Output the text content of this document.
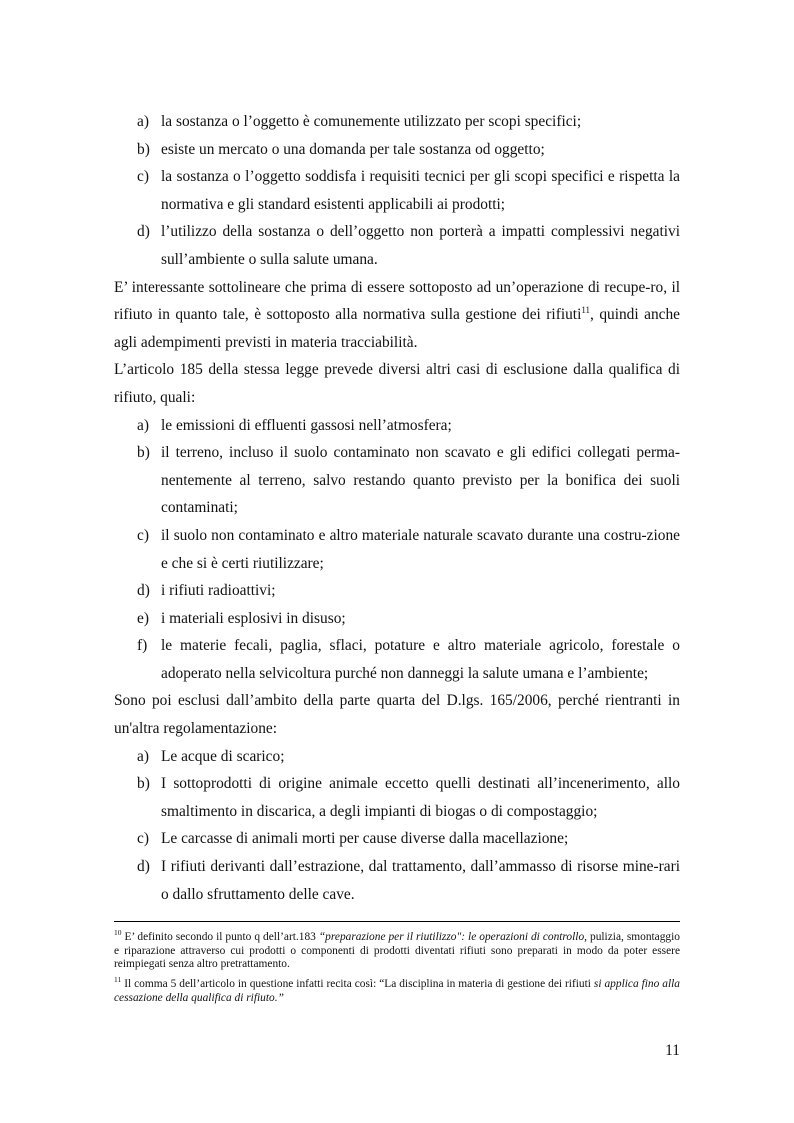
a) la sostanza o l’oggetto è comunemente utilizzato per scopi specifici;
b) esiste un mercato o una domanda per tale sostanza od oggetto;
c) la sostanza o l’oggetto soddisfa i requisiti tecnici per gli scopi specifici e rispetta la normativa e gli standard esistenti applicabili ai prodotti;
d) l’utilizzo della sostanza o dell’oggetto non porterà a impatti complessivi negativi sull’ambiente o sulla salute umana.

E’ interessante sottolineare che prima di essere sottoposto ad un’operazione di recupe-ro, il rifiuto in quanto tale, è sottoposto alla normativa sulla gestione dei rifiuti$^{11}$, quindi anche agli adempimenti previsti in materia tracciabilità.

L’articolo 185 della stessa legge prevede diversi altri casi di esclusione dalla qualifica di rifiuto, quali:

a) le emissioni di effluenti gassosi nell’atmosfera;
b) il terreno, incluso il suolo contaminato non scavato e gli edifici collegati perma-nentemente al terreno, salvo restando quanto previsto per la bonifica dei suoli contaminati;
c) il suolo non contaminato e altro materiale naturale scavato durante una costru-zione e che si è certi riutilizzare;
d) i rifiuti radioattivi;
e) i materiali esplosivi in disuso;
f) le materie fecali, paglia, sflaci, potature e altro materiale agricolo, forestale o adoperato nella selvicoltura purché non danneggi la salute umana e l’ambiente;

Sono poi esclusi dall’ambito della parte quarta del D.lgs. 165/2006, perché rientranti in un'altra regolamentazione:

a) Le acque di scarico;
b) I sottoprodotti di origine animale eccetto quelli destinati all’incenerimento, allo smaltimento in discarica, a degli impianti di biogas o di compostaggio;
c) Le carcasse di animali morti per cause diverse dalla macellazione;
d) I rifiuti derivanti dall’estrazione, dal trattamento, dall’ammasso di risorse mine-rari o dallo sfruttamento delle cave.
$^{10}$ E’ definito secondo il punto q dell’art.183 “preparazione per il riutilizzo": le operazioni di controllo, pulizia, smontaggio e riparazione attraverso cui prodotti o componenti di prodotti diventati rifiuti sono preparati in modo da poter essere reimpiegati senza altro pretrattamento.
$^{11}$ Il comma 5 dell’articolo in questione infatti recita così: “La disciplina in materia di gestione dei rifiuti si applica fino alla cessazione della qualifica di rifiuto.”
11
